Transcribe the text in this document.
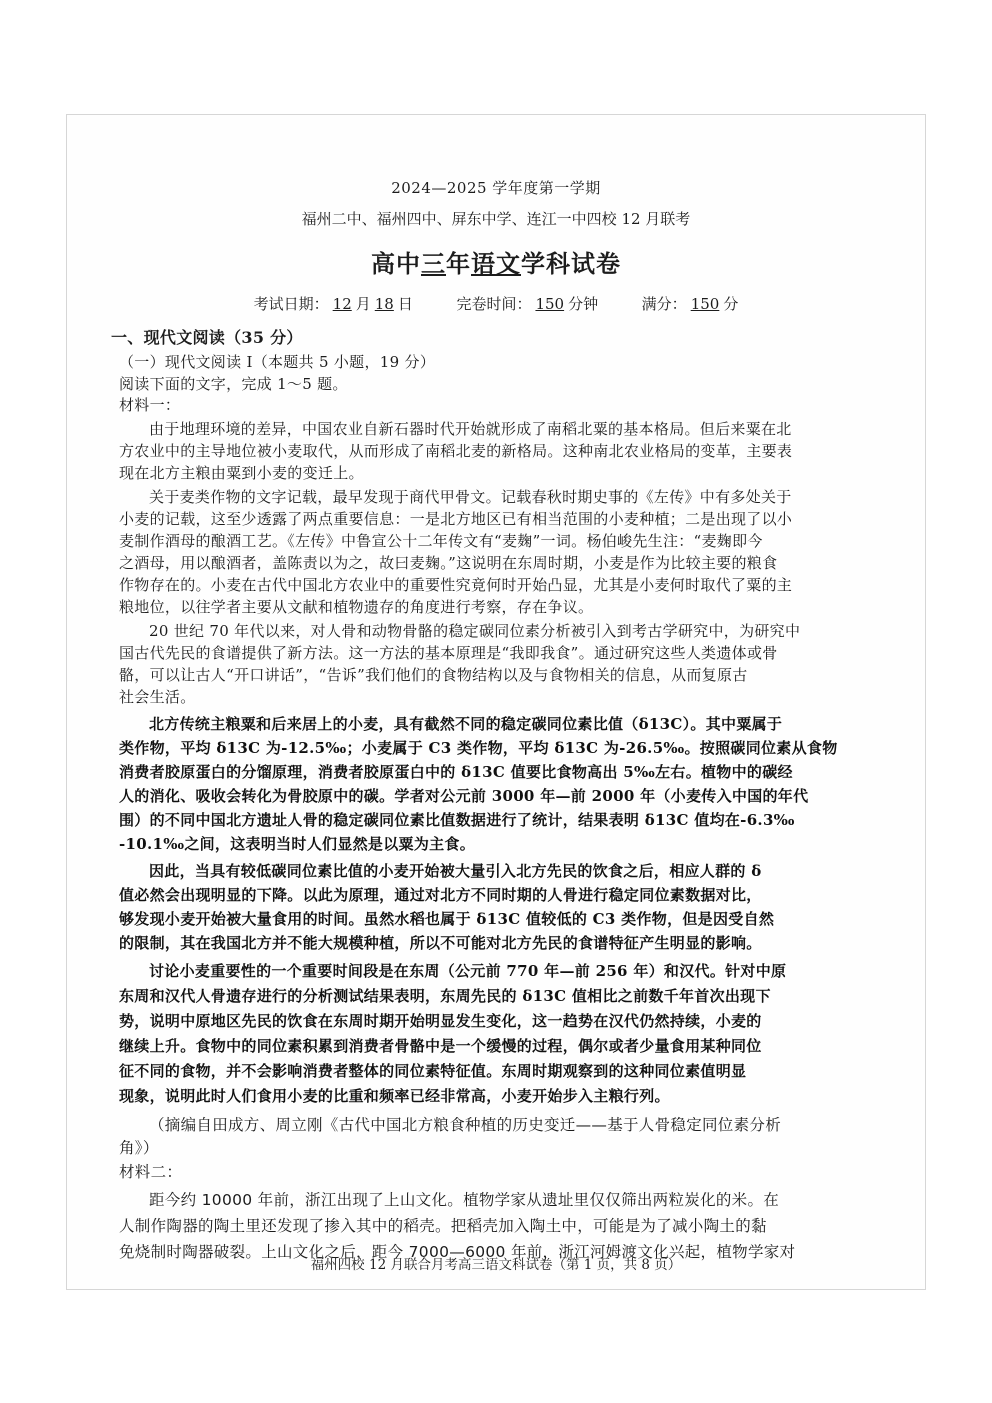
2024—2025 学年度第一学期
福州二中、福州四中、屏东中学、连江一中四校 12 月联考
高中三年语文学科试卷
考试日期： 12 月 18 日	完卷时间： 150 分钟	满分： 150 分
一、现代文阅读（35 分）
（一）现代文阅读 I（本题共 5 小题，19 分）
阅读下面的文字，完成 1～5 题。
材料一：
由于地理环境的差异，中国农业自新石器时代开始就形成了南稻北粟的基本格局。但后来粟在北
方农业中的主导地位被小麦取代，从而形成了南稻北麦的新格局。这种南北农业格局的变革，主要表
现在北方主粮由粟到小麦的变迁上。
关于麦类作物的文字记载，最早发现于商代甲骨文。记载春秋时期史事的《左传》中有多处关于
小麦的记载，这至少透露了两点重要信息：一是北方地区已有相当范围的小麦种植；二是出现了以小
麦制作酒母的酿酒工艺。《左传》中鲁宣公十二年传文有“麦麹”一词。杨伯峻先生注：“麦麹即今
之酒母，用以酿酒者，盖陈责以为之，故曰麦麹。”这说明在东周时期，小麦是作为比较主要的粮食
作物存在的。小麦在古代中国北方农业中的重要性究竟何时开始凸显，尤其是小麦何时取代了粟的主
粮地位，以往学者主要从文献和植物遗存的角度进行考察，存在争议。
20 世纪 70 年代以来，对人骨和动物骨骼的稳定碳同位素分析被引入到考古学研究中，为研究中
国古代先民的食谱提供了新方法。这一方法的基本原理是“我即我食”。通过研究这些人类遗体或骨
骼，可以让古人“开口讲话”，“告诉”我们他们的食物结构以及与食物相关的信息，从而复原古
社会生活。
北方传统主粮粟和后来居上的小麦，具有截然不同的稳定碳同位素比值（δ13C）。其中粟属于
类作物，平均 δ13C 为-12.5‰；小麦属于 C3 类作物，平均 δ13C 为-26.5‰。按照碳同位素从食物
消费者胶原蛋白的分馏原理，消费者胶原蛋白中的 δ13C 值要比食物高出 5‰左右。植物中的碳经
人的消化、吸收会转化为骨胶原中的碳。学者对公元前 3000 年—前 2000 年（小麦传入中国的年代
围）的不同中国北方遗址人骨的稳定碳同位素比值数据进行了统计，结果表明 δ13C 值均在-6.3‰
-10.1‰之间，这表明当时人们显然是以粟为主食。
因此，当具有较低碳同位素比值的小麦开始被大量引入北方先民的饮食之后，相应人群的 δ
值必然会出现明显的下降。以此为原理，通过对北方不同时期的人骨进行稳定同位素数据对比，
够发现小麦开始被大量食用的时间。虽然水稻也属于 δ13C 值较低的 C3 类作物，但是因受自然
的限制，其在我国北方并不能大规模种植，所以不可能对北方先民的食谱特征产生明显的影响。
讨论小麦重要性的一个重要时间段是在东周（公元前 770 年—前 256 年）和汉代。针对中原
东周和汉代人骨遗存进行的分析测试结果表明，东周先民的 δ13C 值相比之前数千年首次出现下
势，说明中原地区先民的饮食在东周时期开始明显发生变化，这一趋势在汉代仍然持续，小麦的
继续上升。食物中的同位素积累到消费者骨骼中是一个缓慢的过程，偶尔或者少量食用某种同位
征不同的食物，并不会影响消费者整体的同位素特征值。东周时期观察到的这种同位素值明显
现象，说明此时人们食用小麦的比重和频率已经非常高，小麦开始步入主粮行列。
（摘编自田成方、周立刚《古代中国北方粮食种植的历史变迁——基于人骨稳定同位素分析
角》）
材料二：
距今约 10000 年前，浙江出现了上山文化。植物学家从遗址里仅仅筛出两粒炭化的米。在
人制作陶器的陶土里还发现了掺入其中的稻壳。把稻壳加入陶土中，可能是为了减小陶土的黏
免烧制时陶器破裂。上山文化之后，距今 7000—6000 年前，浙江河姆渡文化兴起，植物学家对
福州四校 12 月联合月考高三语文科试卷（第 1 页，共 8 页）
